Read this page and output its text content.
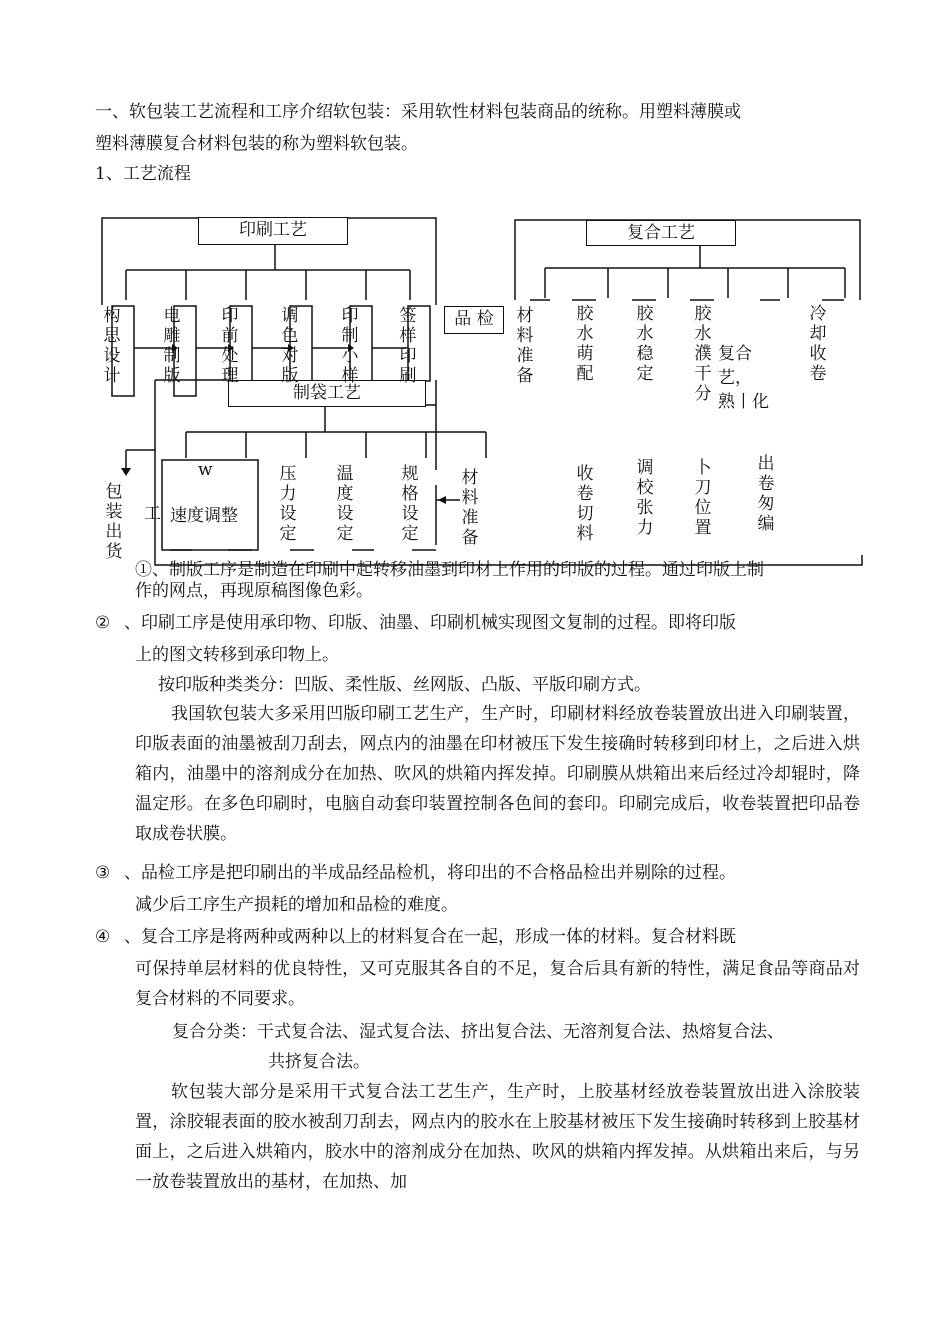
一、软包装工艺流程和工序介绍软包装：采用软性材料包装商品的统称。用塑料薄膜或
塑料薄膜复合材料包装的称为塑料软包装。
1、工艺流程
印刷工艺	复合工艺
制袋工艺
品 检
构思设计
电雕制版
印前处理
调色对版
印制小样
签样印刷
材料准备
胶水萌配
胶水稳定
胶水濮干分
复合
艺，
熟丨化
冷却收卷
w
速度调整
压力设定
温度设定
规格设定
材料准备
收卷切料
调校张力
卜刀位置
出卷匆编
包装出货
工
①、制版工序是制造在印刷中起转移油墨到印材上作用的印版的过程。通过印版上制
作的网点，再现原稿图像色彩。
② 、印刷工序是使用承印物、印版、油墨、印刷机械实现图文复制的过程。即将印版
上的图文转移到承印物上。
按印版种类类分：凹版、柔性版、丝网版、凸版、平版印刷方式。
我国软包装大多采用凹版印刷工艺生产，生产时，印刷材料经放卷装置放出进入印刷装置，印版表面的油墨被刮刀刮去，网点内的油墨在印材被压下发生接确时转移到印材上，之后进入烘箱内，油墨中的溶剂成分在加热、吹风的烘箱内挥发掉。印刷膜从烘箱出来后经过冷却辊时，降温定形。在多色印刷时，电脑自动套印装置控制各色间的套印。印刷完成后，收卷装置把印品卷取成卷状膜。
③ 、品检工序是把印刷出的半成品经品检机，将印出的不合格品检出并剔除的过程。
减少后工序生产损耗的增加和品检的难度。
④ 、复合工序是将两种或两种以上的材料复合在一起，形成一体的材料。复合材料既
可保持单层材料的优良特性，又可克服其各自的不足，复合后具有新的特性，满足食品等商品对复合材料的不同要求。
复合分类：干式复合法、湿式复合法、挤出复合法、无溶剂复合法、热熔复合法、
共挤复合法。
软包装大部分是采用干式复合法工艺生产，生产时，上胶基材经放卷装置放出进入涂胶装置，涂胶辊表面的胶水被刮刀刮去，网点内的胶水在上胶基材被压下发生接确时转移到上胶基材面上，之后进入烘箱内，胶水中的溶剂成分在加热、吹风的烘箱内挥发掉。从烘箱出来后，与另一放卷装置放出的基材，在加热、加
